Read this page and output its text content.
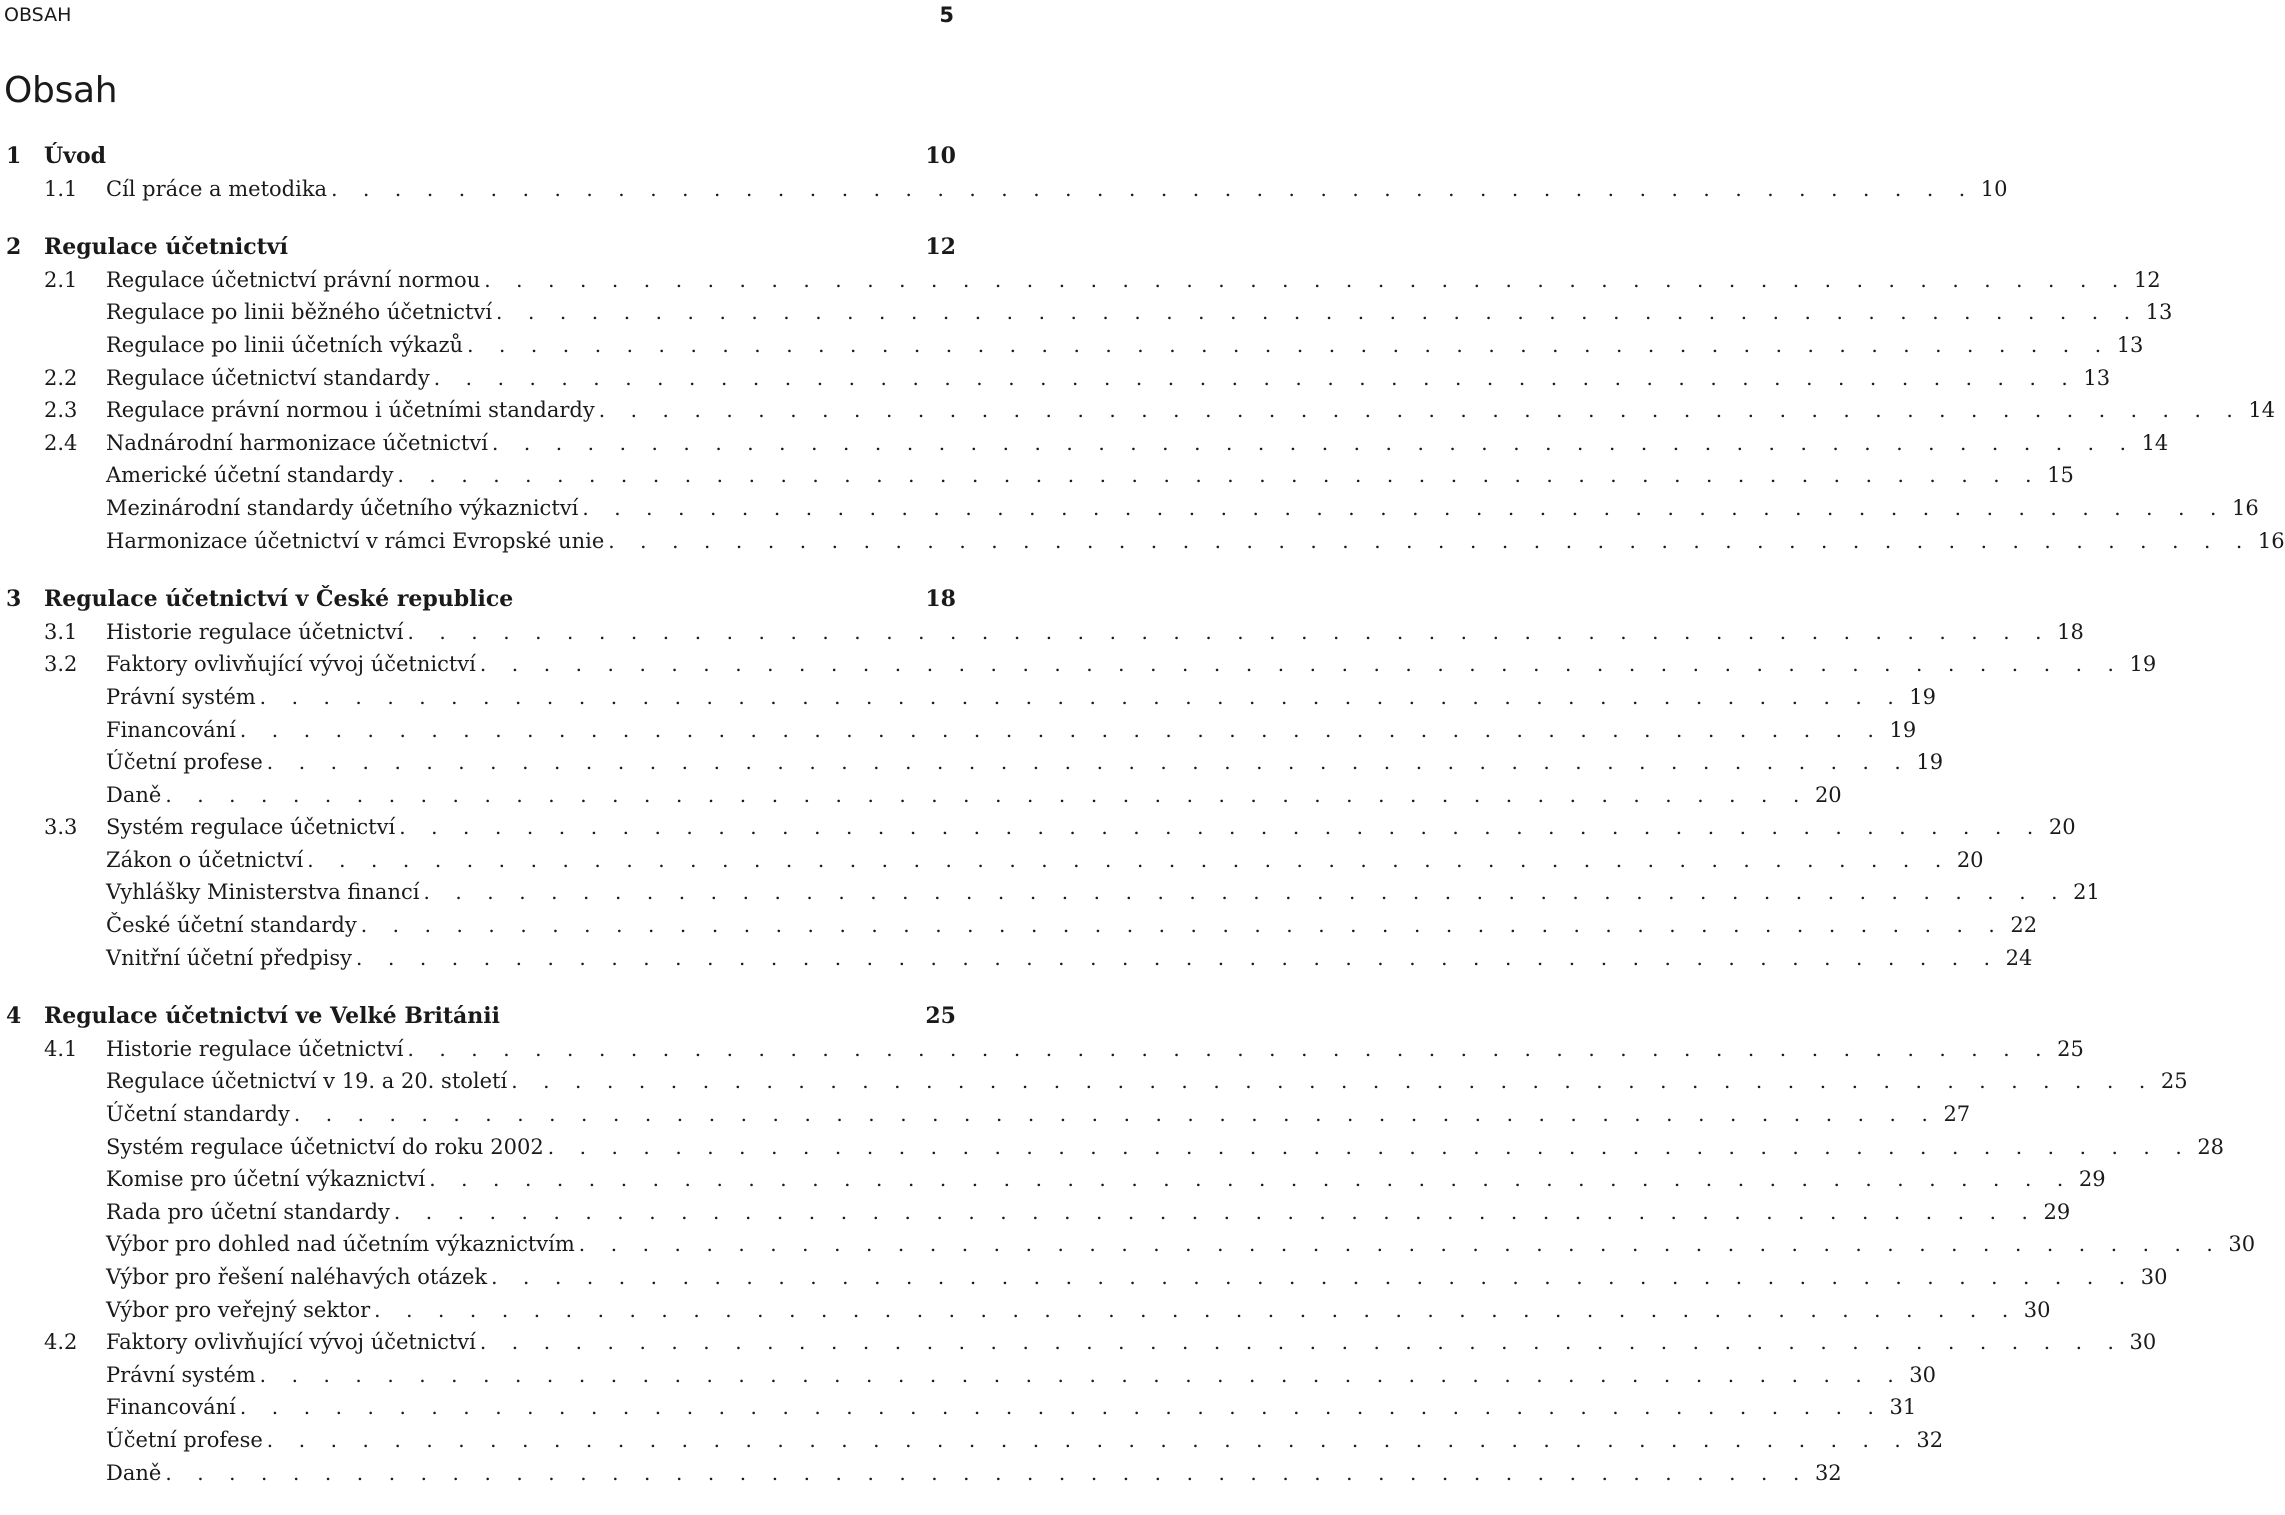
OBSAH	5
Obsah
1	Úvod	10
1.1	Cíl práce a metodika . . . . . . . . . . . . . . . . . . . . . . . . . . . . . . . . . . . . . . . . . . . . . . . . . . . . 10
2	Regulace účetnictví	12
2.1	Regulace účetnictví právní normou . . . . . . . . . . . . . . . . . . . . . . . . . . . . . . . . . . . . . . . . . . . . . . . . . . . . 12
Regulace po linii běžného účetnictví . . . . . . . . . . . . . . . . . . . . . . . . . . . . . . . . . . . . . . . . . . . . . . . . . . . . 13
Regulace po linii účetních výkazů . . . . . . . . . . . . . . . . . . . . . . . . . . . . . . . . . . . . . . . . . . . . . . . . . . . . 13
2.2	Regulace účetnictví standardy . . . . . . . . . . . . . . . . . . . . . . . . . . . . . . . . . . . . . . . . . . . . . . . . . . . . 13
2.3	Regulace právní normou i účetními standardy . . . . . . . . . . . . . . . . . . . . . . . . . . . . . . . . . . . . . . . . . . . . . . . . . . . . 14
2.4	Nadnárodní harmonizace účetnictví . . . . . . . . . . . . . . . . . . . . . . . . . . . . . . . . . . . . . . . . . . . . . . . . . . . . 14
Americké účetní standardy . . . . . . . . . . . . . . . . . . . . . . . . . . . . . . . . . . . . . . . . . . . . . . . . . . . . 15
Mezinárodní standardy účetního výkaznictví . . . . . . . . . . . . . . . . . . . . . . . . . . . . . . . . . . . . . . . . . . . . . . . . . . . . 16
Harmonizace účetnictví v rámci Evropské unie . . . . . . . . . . . . . . . . . . . . . . . . . . . . . . . . . . . . . . . . . . . . . . . . . . . . 16
3	Regulace účetnictví v České republice	18
3.1	Historie regulace účetnictví . . . . . . . . . . . . . . . . . . . . . . . . . . . . . . . . . . . . . . . . . . . . . . . . . . . . 18
3.2	Faktory ovlivňující vývoj účetnictví . . . . . . . . . . . . . . . . . . . . . . . . . . . . . . . . . . . . . . . . . . . . . . . . . . . . 19
Právní systém . . . . . . . . . . . . . . . . . . . . . . . . . . . . . . . . . . . . . . . . . . . . . . . . . . . . 19
Financování . . . . . . . . . . . . . . . . . . . . . . . . . . . . . . . . . . . . . . . . . . . . . . . . . . . . 19
Účetní profese . . . . . . . . . . . . . . . . . . . . . . . . . . . . . . . . . . . . . . . . . . . . . . . . . . . . 19
Daně . . . . . . . . . . . . . . . . . . . . . . . . . . . . . . . . . . . . . . . . . . . . . . . . . . . . 20
3.3	Systém regulace účetnictví . . . . . . . . . . . . . . . . . . . . . . . . . . . . . . . . . . . . . . . . . . . . . . . . . . . . 20
Zákon o účetnictví . . . . . . . . . . . . . . . . . . . . . . . . . . . . . . . . . . . . . . . . . . . . . . . . . . . . 20
Vyhlášky Ministerstva financí . . . . . . . . . . . . . . . . . . . . . . . . . . . . . . . . . . . . . . . . . . . . . . . . . . . . 21
České účetní standardy . . . . . . . . . . . . . . . . . . . . . . . . . . . . . . . . . . . . . . . . . . . . . . . . . . . . 22
Vnitřní účetní předpisy . . . . . . . . . . . . . . . . . . . . . . . . . . . . . . . . . . . . . . . . . . . . . . . . . . . . 24
4	Regulace účetnictví ve Velké Británii	25
4.1	Historie regulace účetnictví . . . . . . . . . . . . . . . . . . . . . . . . . . . . . . . . . . . . . . . . . . . . . . . . . . . . 25
Regulace účetnictví v 19. a 20. století . . . . . . . . . . . . . . . . . . . . . . . . . . . . . . . . . . . . . . . . . . . . . . . . . . . . 25
Účetní standardy . . . . . . . . . . . . . . . . . . . . . . . . . . . . . . . . . . . . . . . . . . . . . . . . . . . . 27
Systém regulace účetnictví do roku 2002 . . . . . . . . . . . . . . . . . . . . . . . . . . . . . . . . . . . . . . . . . . . . . . . . . . . . 28
Komise pro účetní výkaznictví . . . . . . . . . . . . . . . . . . . . . . . . . . . . . . . . . . . . . . . . . . . . . . . . . . . . 29
Rada pro účetní standardy . . . . . . . . . . . . . . . . . . . . . . . . . . . . . . . . . . . . . . . . . . . . . . . . . . . . 29
Výbor pro dohled nad účetním výkaznictvím . . . . . . . . . . . . . . . . . . . . . . . . . . . . . . . . . . . . . . . . . . . . . . . . . . . . 30
Výbor pro řešení naléhavých otázek . . . . . . . . . . . . . . . . . . . . . . . . . . . . . . . . . . . . . . . . . . . . . . . . . . . . 30
Výbor pro veřejný sektor . . . . . . . . . . . . . . . . . . . . . . . . . . . . . . . . . . . . . . . . . . . . . . . . . . . . 30
4.2	Faktory ovlivňující vývoj účetnictví . . . . . . . . . . . . . . . . . . . . . . . . . . . . . . . . . . . . . . . . . . . . . . . . . . . . 30
Právní systém . . . . . . . . . . . . . . . . . . . . . . . . . . . . . . . . . . . . . . . . . . . . . . . . . . . . 30
Financování . . . . . . . . . . . . . . . . . . . . . . . . . . . . . . . . . . . . . . . . . . . . . . . . . . . . 31
Účetní profese . . . . . . . . . . . . . . . . . . . . . . . . . . . . . . . . . . . . . . . . . . . . . . . . . . . . 32
Daně . . . . . . . . . . . . . . . . . . . . . . . . . . . . . . . . . . . . . . . . . . . . . . . . . . . . 32
